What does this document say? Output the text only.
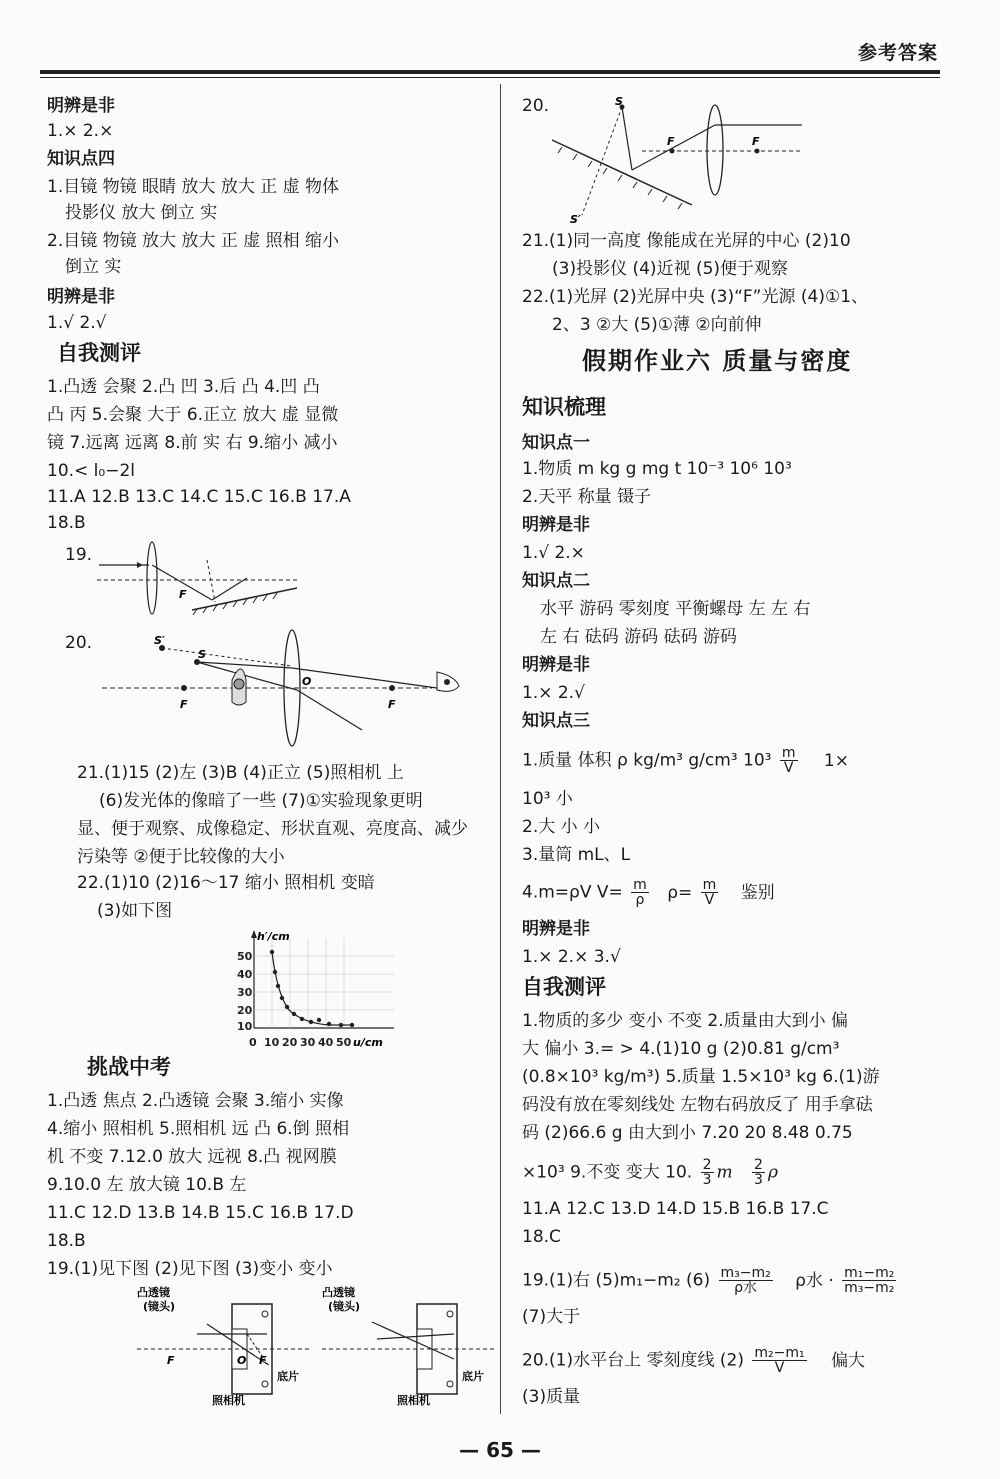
参考答案
明辨是非
1.× 2.×
知识点四
1.目镜 物镜 眼睛 放大 放大 正 虚 物体
投影仪 放大 倒立 实
2.目镜 物镜 放大 放大 正 虚 照相 缩小
倒立 实
明辨是非
1.√ 2.√
自我测评
1.凸透 会聚 2.凸 凹 3.后 凸 4.凹 凸
凸 丙 5.会聚 大于 6.正立 放大 虚 显微
镜 7.远离 远离 8.前 实 右 9.缩小 减小
10.< l₀−2l
11.A 12.B 13.C 14.C 15.C 16.B 17.A
18.B
19.
F
20.	S′
S
F
O
F
21.(1)15 (2)左 (3)B (4)正立 (5)照相机 上
(6)发光体的像暗了一些 (7)①实验现象更明
显、便于观察、成像稳定、形状直观、亮度高、减少
污染等 ②便于比较像的大小
22.(1)10 (2)16～17 缩小 照相机 变暗
(3)如下图
50
40
30
20
10
0 10 20 30 40 50
h′/cm
u/cm
挑战中考
1.凸透 焦点 2.凸透镜 会聚 3.缩小 实像
4.缩小 照相机 5.照相机 远 凸 6.倒 照相
机 不变 7.12.0 放大 远视 8.凸 视网膜
9.10.0 左 放大镜 10.B 左
11.C 12.D 13.B 14.B 15.C 16.B 17.D
18.B
19.(1)见下图 (2)见下图 (3)变小 变小
凸透镜
(镜头)
F	O F
底片
照相机
凸透镜
(镜头)
底片
照相机
20.	S
S′
F	F
21.(1)同一高度 像能成在光屏的中心 (2)10
(3)投影仪 (4)近视 (5)便于观察
22.(1)光屏 (2)光屏中央 (3)“F”光源 (4)①1、
2、3 ②大 (5)①薄 ②向前伸
假期作业六 质量与密度
知识梳理
知识点一
1.物质 m kg g mg t 10⁻³ 10⁶ 10³
2.天平 称量 镊子
明辨是非
1.√ 2.×
知识点二
水平 游码 零刻度 平衡螺母 左 左 右
左 右 砝码 游码 砝码 游码
明辨是非
1.× 2.√
知识点三
1.质量 体积 ρ kg/m³ g/cm³ $10^3 \frac{m}{V} 1\times$
10³ 小
2.大 小 小
3.量筒 mL、L
4.m=ρV $V= \frac{m}{\rho} \rho= \frac{m}{V}$ 鉴别
明辨是非
1.× 2.× 3.√
自我测评
1.物质的多少 变小 不变 2.质量由大到小 偏
大 偏小 3.= > 4.(1)10 g (2)0.81 g/cm³
(0.8×10³ kg/m³) 5.质量 1.5×10³ kg 6.(1)游
码没有放在零刻线处 左物右码放反了 用手拿砝
码 (2)66.6 g 由大到小 7.20 20 8.48 0.75
×10³ 9.不变 变大 10. $\frac{2}{3}$ m $\frac{2}{3}$ ρ
11.A 12.C 13.D 14.D 15.B 16.B 17.C
18.C
19.(1)右 (5)m₁−m₂ $(6) \frac{\text{m₃−m₂}}{\text{ρ水}}$ ρ水 · $\frac{\text{m₁−m₂}}{\text{m₃−m₂}}$
(7)大于
20.(1)水平台上 零刻度线 $(2) \frac{\text{m₂−m₁}}{V}$ 偏大
(3)质量
— 65 —
